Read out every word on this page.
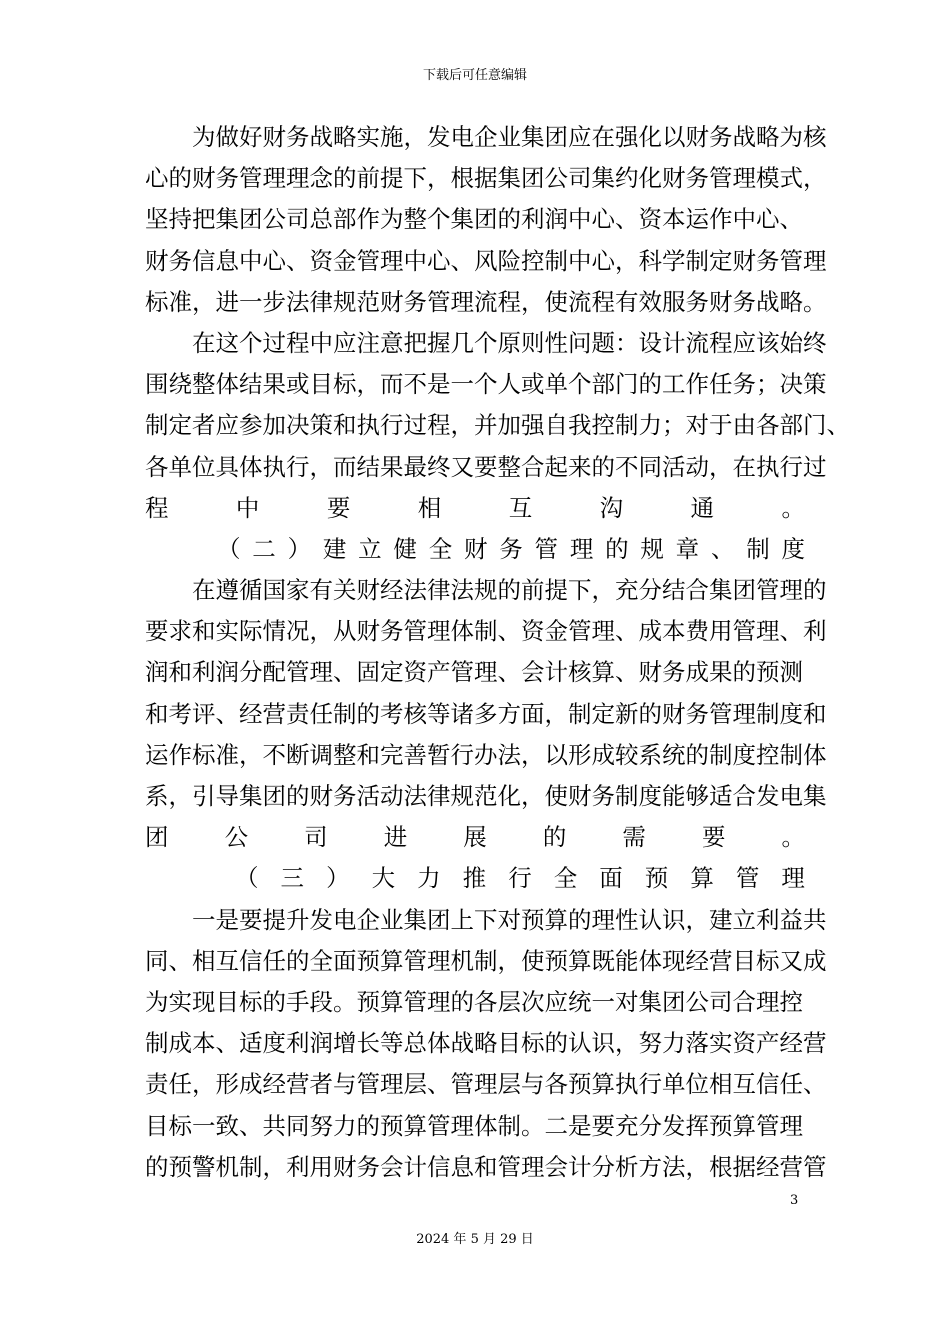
下载后可任意编辑
为做好财务战略实施，发电企业集团应在强化以财务战略为核
心的财务管理理念的前提下，根据集团公司集约化财务管理模式，
坚持把集团公司总部作为整个集团的利润中心、资本运作中心、
财务信息中心、资金管理中心、风险控制中心，科学制定财务管理
标准，进一步法律规范财务管理流程，使流程有效服务财务战略。
在这个过程中应注意把握几个原则性问题：设计流程应该始终
围绕整体结果或目标，而不是一个人或单个部门的工作任务；决策
制定者应参加决策和执行过程，并加强自我控制力；对于由各部门、
各单位具体执行，而结果最终又要整合起来的不同活动，在执行过
程	中	要	相	互	沟	通	。
（ 二 ） 建 立 健 全 财 务 管 理 的 规 章 、 制 度
在遵循国家有关财经法律法规的前提下，充分结合集团管理的
要求和实际情况，从财务管理体制、资金管理、成本费用管理、利
润和利润分配管理、固定资产管理、会计核算、财务成果的预测
和考评、经营责任制的考核等诸多方面，制定新的财务管理制度和
运作标准，不断调整和完善暂行办法，以形成较系统的制度控制体
系，引导集团的财务活动法律规范化，使财务制度能够适合发电集
团 公 司 进 展 的 需 要 。
（ 三 ） 大 力 推 行 全 面 预 算 管 理
一是要提升发电企业集团上下对预算的理性认识，建立利益共
同、相互信任的全面预算管理机制，使预算既能体现经营目标又成
为实现目标的手段。预算管理的各层次应统一对集团公司合理控
制成本、适度利润增长等总体战略目标的认识，努力落实资产经营
责任，形成经营者与管理层、管理层与各预算执行单位相互信任、
目标一致、共同努力的预算管理体制。二是要充分发挥预算管理
的预警机制，利用财务会计信息和管理会计分析方法，根据经营管
3
2024 年 5 月 29 日
